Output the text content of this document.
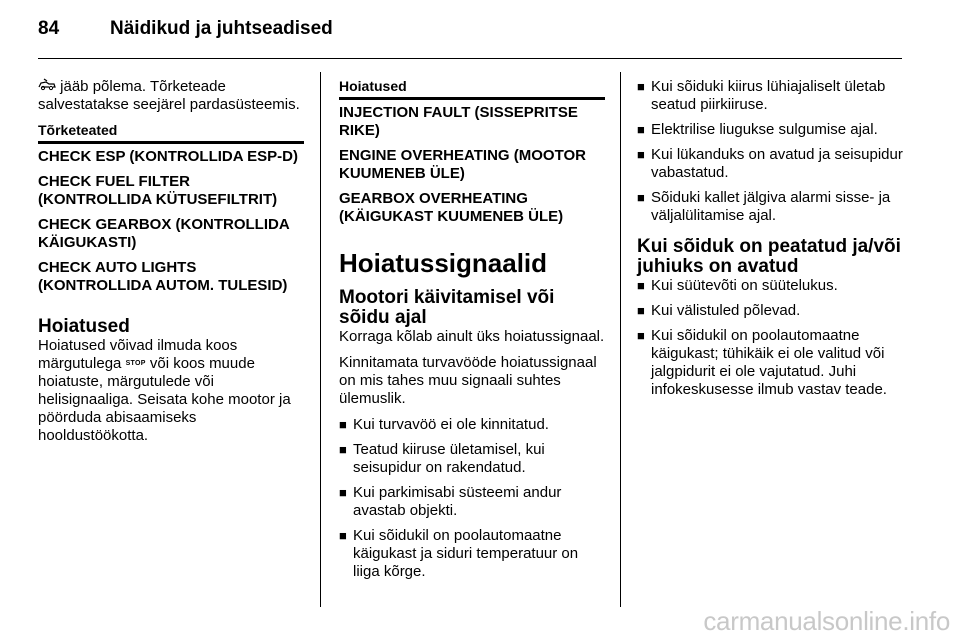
84	Näidikud ja juhtseadised

jääb põlema. Tõrketeade salvestatakse seejärel pardasüsteemis.

Tõrketeated
CHECK ESP (KONTROLLIDA ESP-D)
CHECK FUEL FILTER (KONTROLLIDA KÜTUSEFILTRIT)
CHECK GEARBOX (KONTROLLIDA KÄIGUKASTI)
CHECK AUTO LIGHTS (KONTROLLIDA AUTOM. TULESID)
Hoiatused

Hoiatused võivad ilmuda koos märgutulega STOP või koos muude hoiatuste, märgutulede või helisignaaliga. Seisata kohe mootor ja pöörduda abisaamiseks hooldustöökotta.

Hoiatused
INJECTION FAULT (SISSEPRITSE RIKE)
ENGINE OVERHEATING (MOOTOR KUUMENEB ÜLE)
GEARBOX OVERHEATING (KÄIGUKAST KUUMENEB ÜLE)
Hoiatussignaalid
Mootori käivitamisel või sõidu ajal

Korraga kõlab ainult üks hoiatussignaal.

Kinnitamata turvavööde hoiatussignaal on mis tahes muu signaali suhtes ülemuslik.

■ Kui turvavöö ei ole kinnitatud.
■ Teatud kiiruse ületamisel, kui seisupidur on rakendatud.
■ Kui parkimisabi süsteemi andur avastab objekti.
■ Kui sõidukil on poolautomaatne käigukast ja siduri temperatuur on liiga kõrge.
■ Kui sõiduki kiirus lühiajaliselt ületab seatud piirkiiruse.
■ Elektrilise liugukse sulgumise ajal.
■ Kui lükanduks on avatud ja seisupidur vabastatud.
■ Sõiduki kallet jälgiva alarmi sisse- ja väljalülitamise ajal.
Kui sõiduk on peatatud ja/või juhiuks on avatud
■ Kui süütevõti on süütelukus.
■ Kui välistuled põlevad.
■ Kui sõidukil on poolautomaatne käigukast; tühikäik ei ole valitud või jalgpidurit ei ole vajutatud. Juhi infokeskusesse ilmub vastav teade.
carmanualsonline.info
